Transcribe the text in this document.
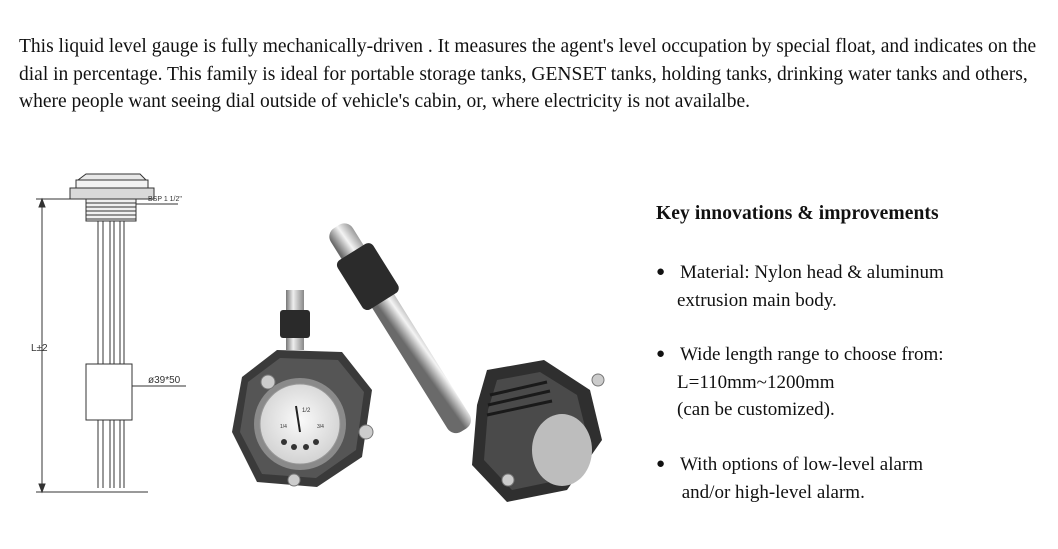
This liquid level gauge is fully mechanically-driven . It measures the agent's level occupation by special float, and indicates on the dial in percentage. This family is ideal for portable storage tanks, GENSET tanks, holding tanks, drinking water tanks and others, where people want seeing dial outside of vehicle's cabin, or, where electricity is not availalbe.

BSP 1 1/2"
L±2
ø39*50
1/2
1/4	3/4
Key innovations & improvements
● Material: Nylon head & aluminum
extrusion main body.
● Wide length range to choose from:
L=110mm~1200mm
(can be customized).
● With options of low-level alarm
and/or high-level alarm.
